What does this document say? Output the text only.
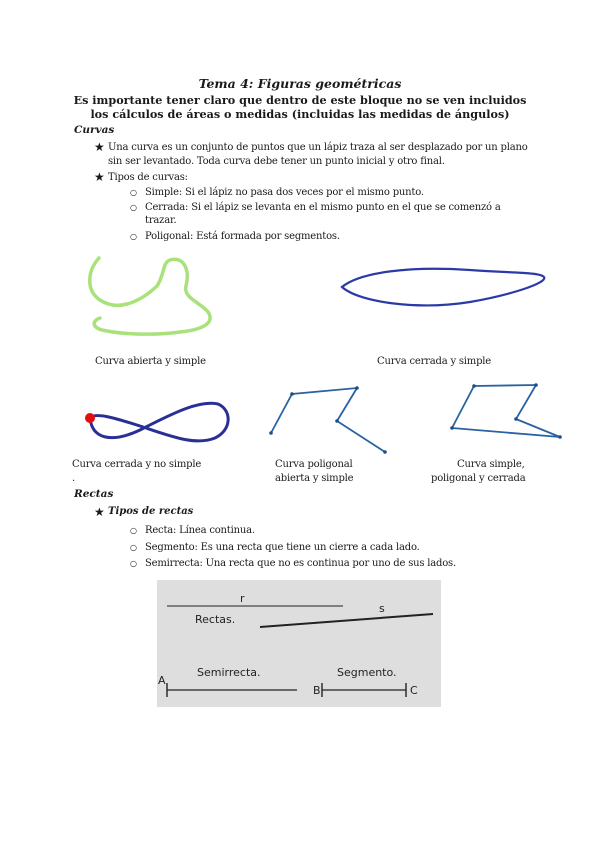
Tema 4: Figuras geométricas
Es importante tener claro que dentro de este bloque no se ven incluidos los cálculos de áreas o medidas (incluidas las medidas de ángulos)
Curvas
★ Una curva es un conjunto de puntos que un lápiz traza al ser desplazado por un plano
sin ser levantado. Toda curva debe tener un punto inicial y otro final.
★ Tipos de curvas:
○ Simple: Si el lápiz no pasa dos veces por el mismo punto.
○ Cerrada: Si el lápiz se levanta en el mismo punto en el que se comenzó a
trazar.
○ Poligonal: Está formada por segmentos.
Curva abierta y simple	Curva cerrada y simple
Curva cerrada y no simple
.
Curva poligonal
abierta y simple
Curva simple,
poligonal y cerrada
Rectas
★ Tipos de rectas
○ Recta: Línea continua.
○ Segmento: Es una recta que tiene un cierre a cada lado.
○ Semirrecta: Una recta que no es continua por uno de sus lados.
r
s
Rectas.
Semirrecta.	Segmento.
A
B	C
